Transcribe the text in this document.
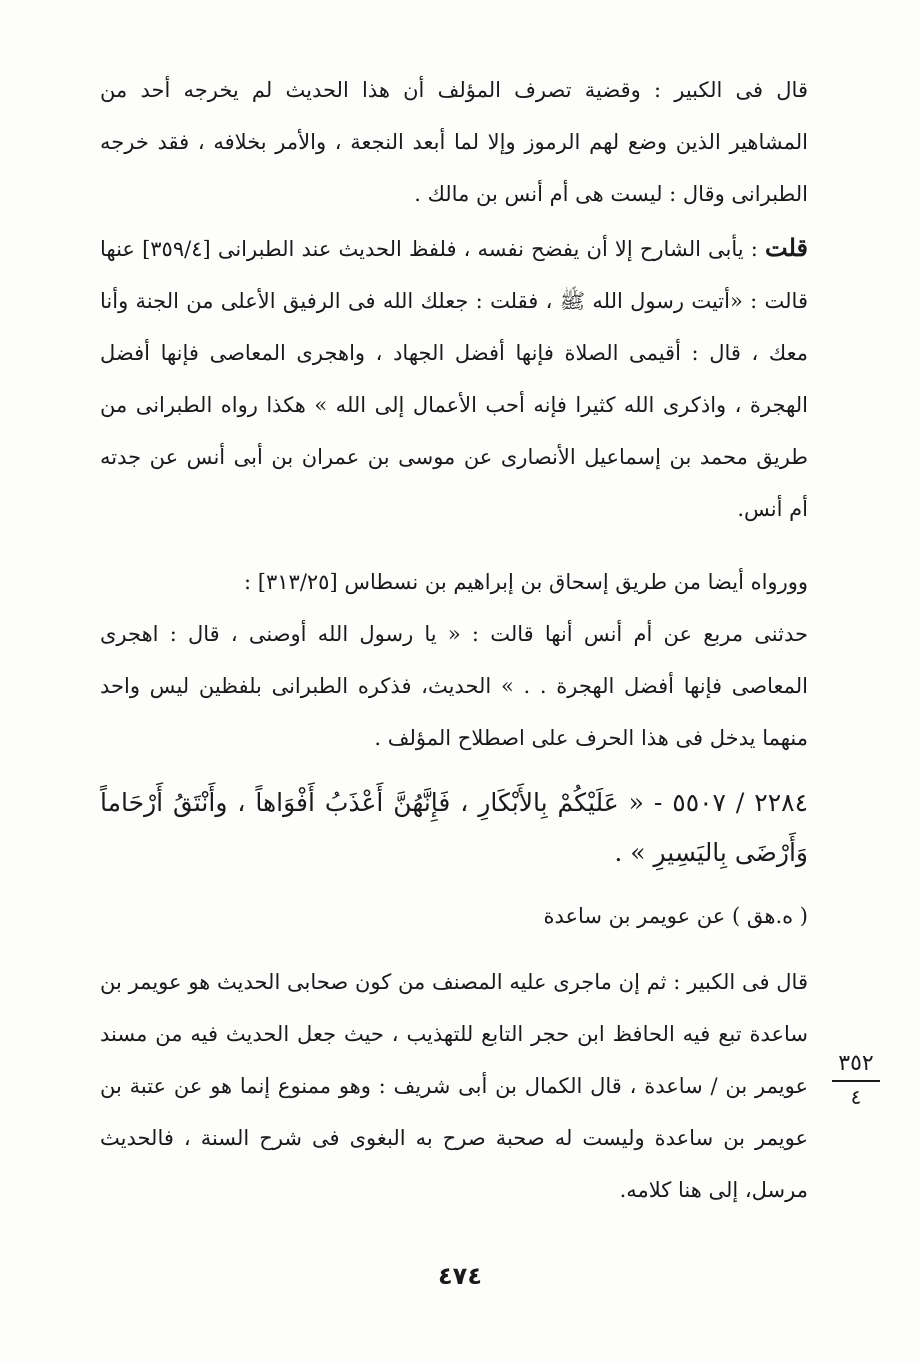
قال فى الكبير : وقضية تصرف المؤلف أن هذا الحديث لم يخرجه أحد من المشاهير الذين وضع لهم الرموز وإلا لما أبعد النجعة ، والأمر بخلافه ، فقد خرجه الطبرانى وقال : ليست هى أم أنس بن مالك .

قلت : يأبى الشارح إلا أن يفضح نفسه ، فلفظ الحديث عند الطبرانى [٣٥٩/٤] عنها قالت : «أتيت رسول الله ﷺ ، فقلت : جعلك الله فى الرفيق الأعلى من الجنة وأنا معك ، قال : أقيمى الصلاة فإنها أفضل الجهاد ، واهجرى المعاصى فإنها أفضل الهجرة ، واذكرى الله كثيرا فإنه أحب الأعمال إلى الله » هكذا رواه الطبرانى من طريق محمد بن إسماعيل الأنصارى عن موسى بن عمران بن أبى أنس عن جدته أم أنس.

وورواه أيضا من طريق إسحاق بن إبراهيم بن نسطاس [٣١٣/٢٥] :

حدثنى مربع عن أم أنس أنها قالت : « يا رسول الله أوصنى ، قال : اهجرى المعاصى فإنها أفضل الهجرة . . » الحديث، فذكره الطبرانى بلفظين ليس واحد منهما يدخل فى هذا الحرف على اصطلاح المؤلف .

٢٢٨٤ / ٥٥٠٧ - « عَلَيْكُمْ بِالأَبْكَارِ ، فَإِنَّهُنَّ أَعْذَبُ أَفْوَاهاً ، وأَنْتَقُ أَرْحَاماً وَأَرْضَى بِاليَسِيرِ » .

( ه.هق ) عن عويمر بن ساعدة

قال فى الكبير : ثم إن ماجرى عليه المصنف من كون صحابى الحديث هو عويمر بن ساعدة تبع فيه الحافظ ابن حجر التابع للتهذيب ، حيث جعل الحديث فيه من مسند عويمر بن / ساعدة ، قال الكمال بن أبى شريف : وهو ممنوع إنما هو عن عتبة بن عويمر بن ساعدة وليست له صحبة صرح به البغوى فى شرح السنة ، فالحديث مرسل، إلى هنا كلامه.

٣٥٢
٤
٤٧٤
